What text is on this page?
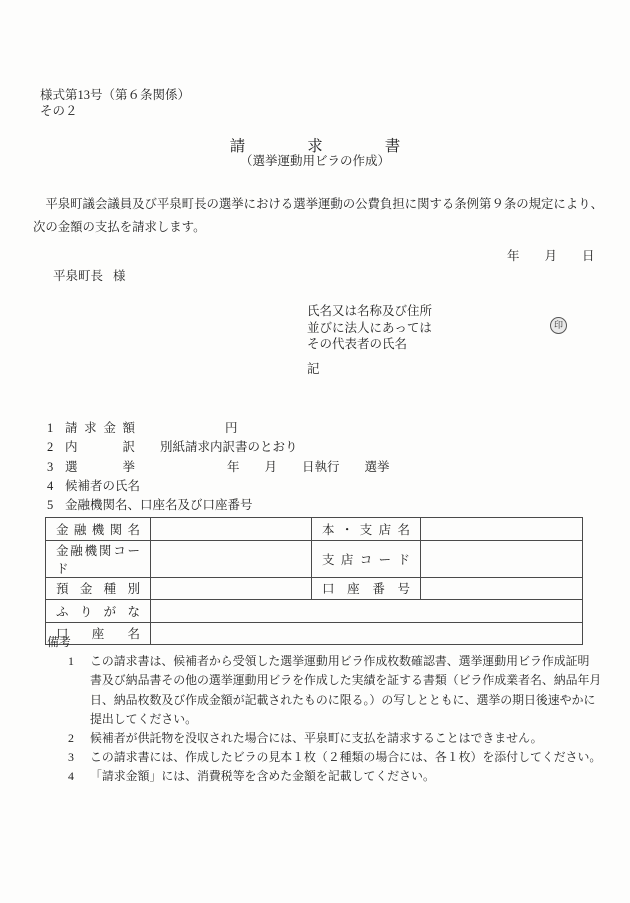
様式第13号（第６条関係）
その２
請　　　　求　　　　書
（選挙運動用ビラの作成）
　平泉町議会議員及び平泉町長の選挙における選挙運動の公費負担に関する条例第９条の規定により、
次の金額の支払を請求します。
年　　月　　日
平泉町長 様
氏名又は名称及び住所
並びに法人にあっては
その代表者の氏名
印
記
1 請求金額	円
2 内訳 別紙請求内訳書のとおり
3 選挙	年　　月　　日執行　　選挙
4 候補者の氏名
5 金融機関名、口座名及び口座番号
金融機関名		本・支店名	
金融機関コード		支店コード	
預金種別		口座番号	
ふりがな			
口座名			
備考
1 この請求書は、候補者から受領した選挙運動用ビラ作成枚数確認書、選挙運動用ビラ作成証明
書及び納品書その他の選挙運動用ビラを作成した実績を証する書類（ビラ作成業者名、納品年月
日、納品枚数及び作成金額が記載されたものに限る。）の写しとともに、選挙の期日後速やかに
提出してください。
2 候補者が供託物を没収された場合には、平泉町に支払を請求することはできません。
3 この請求書には、作成したビラの見本１枚（２種類の場合には、各１枚）を添付してください。
4 「請求金額」には、消費税等を含めた金額を記載してください。
